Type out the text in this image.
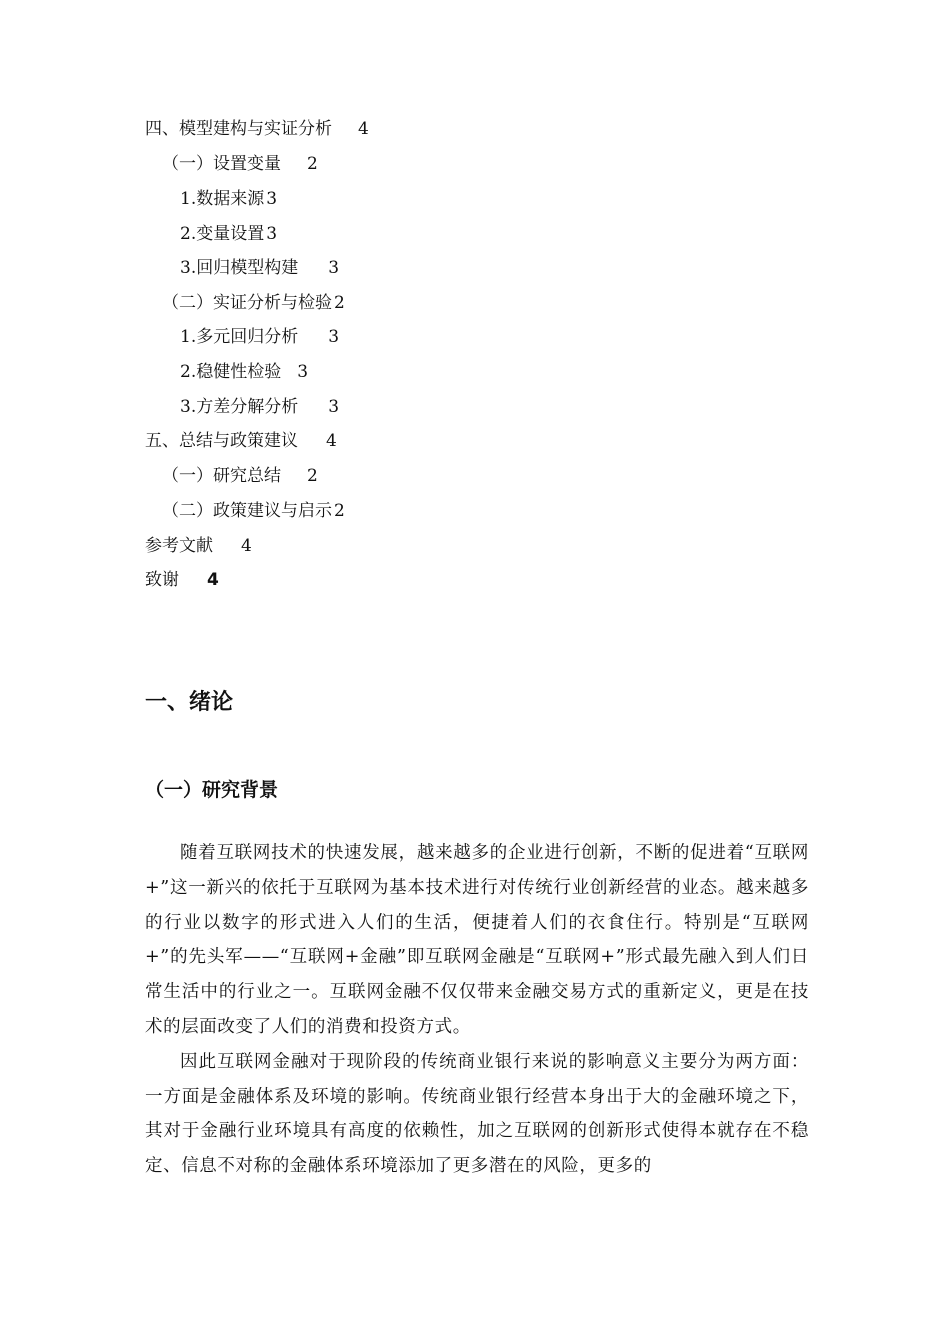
四、模型建构与实证分析 4
（一）设置变量 2
1.数据来源 3
2.变量设置 3
3.回归模型构建 3
（二）实证分析与检验 2
1.多元回归分析 3
2.稳健性检验 3
3.方差分解分析 3
五、总结与政策建议 4
（一）研究总结 2
（二）政策建议与启示 2
参考文献 4
致谢 4
一、绪论
（一）研究背景

随着互联网技术的快速发展，越来越多的企业进行创新，不断的促进着“互联网+”这一新兴的依托于互联网为基本技术进行对传统行业创新经营的业态。越来越多的行业以数字的形式进入人们的生活，便捷着人们的衣食住行。特别是“互联网+”的先头军——“互联网+金融”即互联网金融是“互联网+”形式最先融入到人们日常生活中的行业之一。互联网金融不仅仅带来金融交易方式的重新定义，更是在技术的层面改变了人们的消费和投资方式。

因此互联网金融对于现阶段的传统商业银行来说的影响意义主要分为两方面：一方面是金融体系及环境的影响。传统商业银行经营本身出于大的金融环境之下，其对于金融行业环境具有高度的依赖性，加之互联网的创新形式使得本就存在不稳定、信息不对称的金融体系环境添加了更多潜在的风险，更多的
